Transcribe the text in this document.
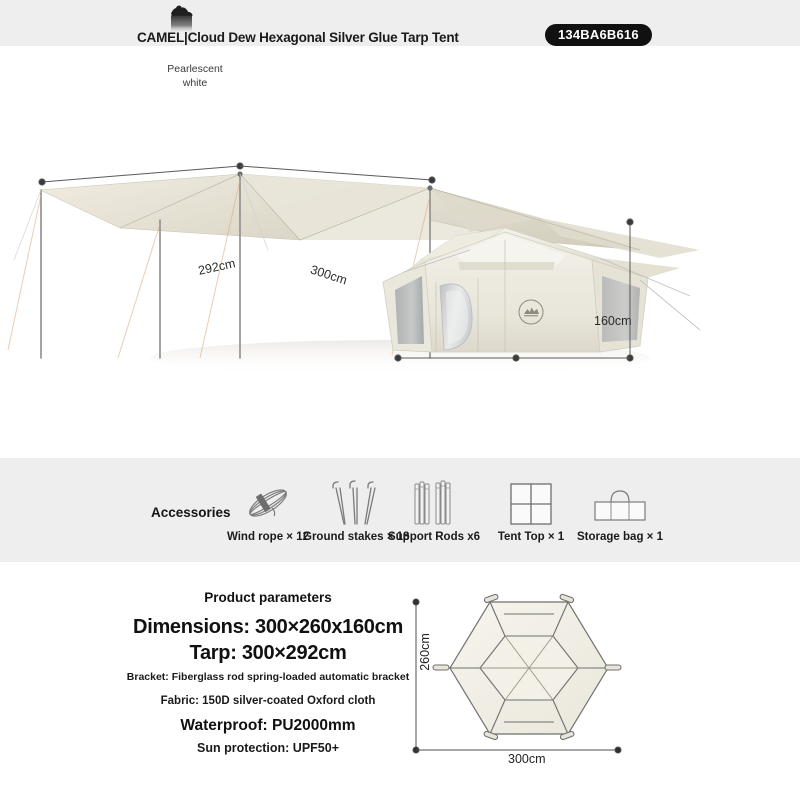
CAMEL|Cloud Dew Hexagonal Silver Glue Tarp Tent	134BA6B616
Pearlescent
white
292cm	300cm
160cm
Accessories
Wind rope × 12
Ground stakes × 18
Support Rods x6	Tent Top × 1	Storage bag × 1
Product parameters
Dimensions: 300×260x160cm
Tarp: 300×292cm
Bracket: Fiberglass rod spring-loaded automatic bracket
Fabric: 150D silver-coated Oxford cloth
Waterproof: PU2000mm
Sun protection: UPF50+
260cm
300cm
